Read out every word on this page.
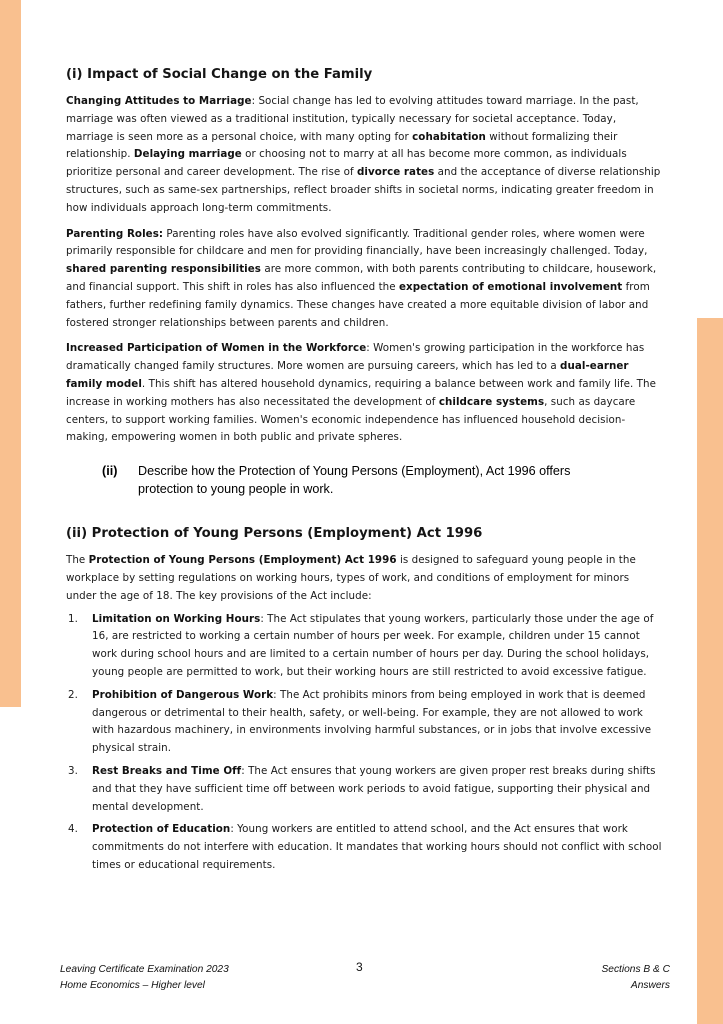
(i) Impact of Social Change on the Family

Changing Attitudes to Marriage: Social change has led to evolving attitudes toward marriage. In the past, marriage was often viewed as a traditional institution, typically necessary for societal acceptance. Today, marriage is seen more as a personal choice, with many opting for cohabitation without formalizing their relationship. Delaying marriage or choosing not to marry at all has become more common, as individuals prioritize personal and career development. The rise of divorce rates and the acceptance of diverse relationship structures, such as same-sex partnerships, reflect broader shifts in societal norms, indicating greater freedom in how individuals approach long-term commitments.

Parenting Roles: Parenting roles have also evolved significantly. Traditional gender roles, where women were primarily responsible for childcare and men for providing financially, have been increasingly challenged. Today, shared parenting responsibilities are more common, with both parents contributing to childcare, housework, and financial support. This shift in roles has also influenced the expectation of emotional involvement from fathers, further redefining family dynamics. These changes have created a more equitable division of labor and fostered stronger relationships between parents and children.

Increased Participation of Women in the Workforce: Women's growing participation in the workforce has dramatically changed family structures. More women are pursuing careers, which has led to a dual-earner family model. This shift has altered household dynamics, requiring a balance between work and family life. The increase in working mothers has also necessitated the development of childcare systems, such as daycare centers, to support working families. Women's economic independence has influenced household decision-making, empowering women in both public and private spheres.

(ii)	Describe how the Protection of Young Persons (Employment), Act 1996 offers protection to young people in work.
(ii) Protection of Young Persons (Employment) Act 1996

The Protection of Young Persons (Employment) Act 1996 is designed to safeguard young people in the workplace by setting regulations on working hours, types of work, and conditions of employment for minors under the age of 18. The key provisions of the Act include:

1.	Limitation on Working Hours: The Act stipulates that young workers, particularly those under the age of 16, are restricted to working a certain number of hours per week. For example, children under 15 cannot work during school hours and are limited to a certain number of hours per day. During the school holidays, young people are permitted to work, but their working hours are still restricted to avoid excessive fatigue.
2.	Prohibition of Dangerous Work: The Act prohibits minors from being employed in work that is deemed dangerous or detrimental to their health, safety, or well-being. For example, they are not allowed to work with hazardous machinery, in environments involving harmful substances, or in jobs that involve excessive physical strain.
3.	Rest Breaks and Time Off: The Act ensures that young workers are given proper rest breaks during shifts and that they have sufficient time off between work periods to avoid fatigue, supporting their physical and mental development.
4.	Protection of Education: Young workers are entitled to attend school, and the Act ensures that work commitments do not interfere with education. It mandates that working hours should not conflict with school times or educational requirements.
Leaving Certificate Examination 2023
Home Economics – Higher level
3	Sections B & C
Answers
